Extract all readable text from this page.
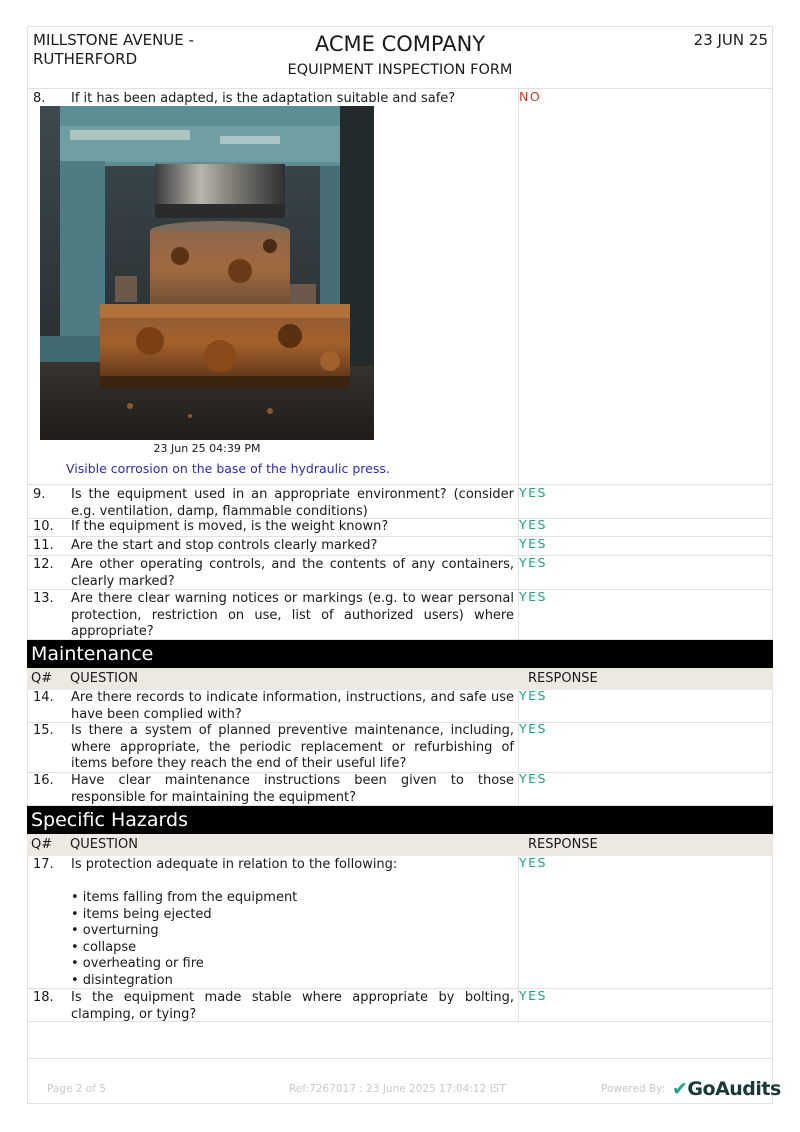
MILLSTONE AVENUE - RUTHERFORD
ACME COMPANY
EQUIPMENT INSPECTION FORM
23 JUN 25
8. If it has been adapted, is the adaptation suitable and safe?	NO
23 Jun 25 04:39 PM
Visible corrosion on the base of the hydraulic press.
9. Is the equipment used in an appropriate environment? (consider e.g. ventilation, damp, flammable conditions)
YES
10. If the equipment is moved, is the weight known?	YES
11. Are the start and stop controls clearly marked?	YES
12. Are other operating controls, and the contents of any containers, clearly marked?
YES
13. Are there clear warning notices or markings (e.g. to wear personal protection, restriction on use, list of authorized users) where appropriate?
YES
Maintenance
Q# QUESTION	RESPONSE
14. Are there records to indicate information, instructions, and safe use have been complied with?
YES
15. Is there a system of planned preventive maintenance, including, where appropriate, the periodic replacement or refurbishing of items before they reach the end of their useful life?
YES
16. Have clear maintenance instructions been given to those responsible for maintaining the equipment?
YES
Specific Hazards
Q# QUESTION	RESPONSE
17. Is protection adequate in relation to the following:
• items falling from the equipment
• items being ejected
• overturning
• collapse
• overheating or fire
• disintegration
YES
18. Is the equipment made stable where appropriate by bolting, clamping, or tying?
YES
Page 2 of 5	Ref:7267017 : 23 June 2025 17:04:12 IST	Powered By: ✔GoAudits
